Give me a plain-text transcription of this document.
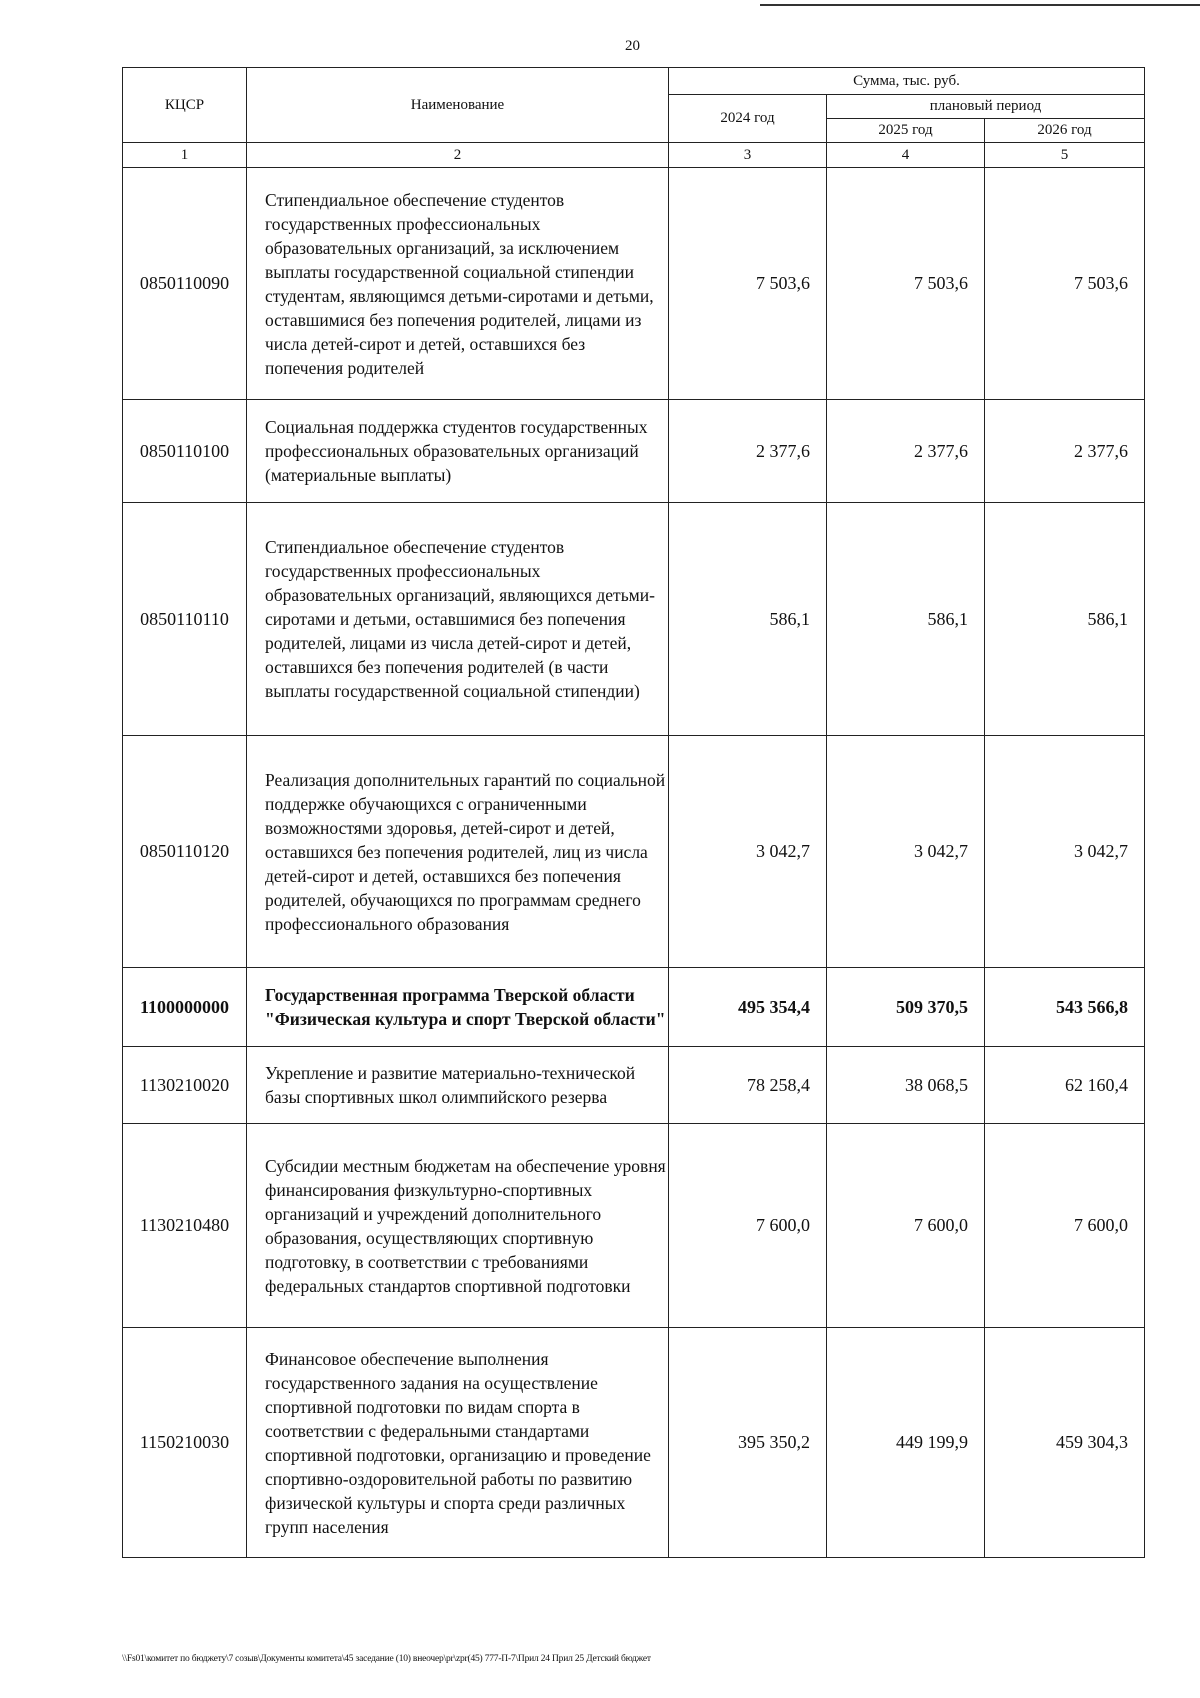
20
КЦСР	Наименование	Сумма, тыс. руб.		
		2024 год	плановый период	
			2025 год	2026 год
1	2	3	4	5
0850110090	Стипендиальное обеспечение студентов государственных профессиональных образовательных организаций, за исключением выплаты государственной социальной стипендии студентам, являющимся детьми-сиротами и детьми, оставшимися без попечения родителей, лицами из числа детей-сирот и детей, оставшихся без попечения родителей	7 503,6	7 503,6	7 503,6
0850110100	Социальная поддержка студентов государственных профессиональных образовательных организаций (материальные выплаты)	2 377,6	2 377,6	2 377,6
0850110110	Стипендиальное обеспечение студентов государственных профессиональных образовательных организаций, являющихся детьми-сиротами и детьми, оставшимися без попечения родителей, лицами из числа детей-сирот и детей, оставшихся без попечения родителей (в части выплаты государственной социальной стипендии)	586,1	586,1	586,1
0850110120	Реализация дополнительных гарантий по социальной поддержке обучающихся с ограниченными возможностями здоровья, детей-сирот и детей, оставшихся без попечения родителей, лиц из числа детей-сирот и детей, оставшихся без попечения родителей, обучающихся по программам среднего профессионального образования	3 042,7	3 042,7	3 042,7
1100000000	Государственная программа Тверской области "Физическая культура и спорт Тверской области"	495 354,4	509 370,5	543 566,8
1130210020	Укрепление и развитие материально-технической базы спортивных школ олимпийского резерва	78 258,4	38 068,5	62 160,4
1130210480	Субсидии местным бюджетам на обеспечение уровня финансирования физкультурно-спортивных организаций и учреждений дополнительного образования, осуществляющих спортивную подготовку, в соответствии с требованиями федеральных стандартов спортивной подготовки	7 600,0	7 600,0	7 600,0
1150210030	Финансовое обеспечение выполнения государственного задания на осуществление спортивной подготовки по видам спорта в соответствии с федеральными стандартами спортивной подготовки, организацию и проведение спортивно-оздоровительной работы по развитию физической культуры и спорта среди различных групп населения	395 350,2	449 199,9	459 304,3
\\Fs01\комитет по бюджету\7 созыв\Документы комитета\45 заседание (10) внеочер\pr\zpr(45) 777-П-7\Прил 24 Прил 25 Детский бюджет
